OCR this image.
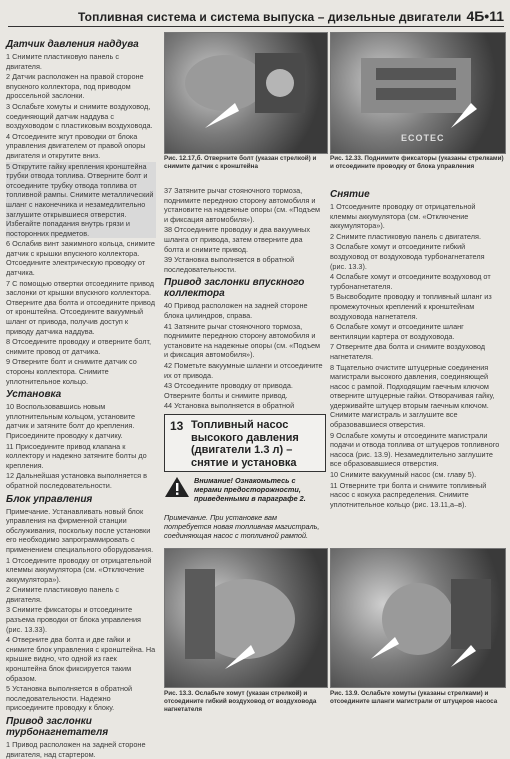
Топливная система и система выпуска – дизельные двигатели 4Б•11
Датчик давления наддува

1 Снимите пластиковую панель с двигателя.

2 Датчик расположен на правой стороне впускного коллектора, под приводом дроссельной заслонки.

3 Ослабьте хомуты и снимите воздуховод, соединяющий датчик наддува с воздуховодом с пластиковым воздуховода.

4 Отсоедините жгут проводки от блока управления двигателем от правой опоры двигателя и открутите вниз.

5 Открутите гайку крепления кронштейна трубки отвода топлива. Отверните болт и отсоедините трубку отвода топлива от топливной рампы. Снимите металлический шланг с наконечника и незамедлительно заглушите открывшиеся отверстия. Избегайте попадания внутрь грязи и посторонних предметов.

6 Ослабив винт зажимного кольца, снимите датчик с крышки впускного коллектора. Отсоедините электрическую проводку от датчика.

7 С помощью отвертки отсоедините привод заслонки от крышки впускного коллектора. Отверните два болта и отсоедините привод от кронштейна. Отсоедините вакуумный шланг от привода, получив доступ к приводу датчика наддува.

8 Отсоедините проводку и отверните болт, снимите провод от датчика.

9 Отверните болт и снимите датчик со стороны коллектора. Снимите уплотнительное кольцо.

Установка

10 Воспользовавшись новым уплотнительным кольцом, установите датчик и затяните болт до крепления. Присоедините проводку к датчику.

11 Присоедините привод клапана к коллектору и надежно затяните болты до крепления.

12 Дальнейшая установка выполняется в обратной последовательности.

Блок управления

Примечание. Устанавливать новый блок управления на фирменной станции обслуживания, поскольку после установки его необходимо запрограммировать с применением специального оборудования.

1 Отсоедините проводку от отрицательной клеммы аккумулятора (см. «Отключение аккумулятора»).

2 Снимите пластиковую панель с двигателя.

3 Снимите фиксаторы и отсоедините разъема проводки от блока управления (рис. 13.33).

4 Отверните два болта и две гайки и снимите блок управления с кронштейна. На крышке видно, что одной из гаек кронштейна блок фиксируется таким образом.

5 Установка выполняется в обратной последовательности. Надежно присоедините проводку к блоку.

Привод заслонки турбонагнетателя

1 Привод расположен на задней стороне двигателя, над стартером.

Рис. 12.17,б. Отверните болт (указан стрелкой) и снимите датчик с кронштейна
ECOTEC
Рис. 12.33. Поднимите фиксаторы (указаны стрелками) и отсоедините проводку от блока управления

37 Затяните рычаг стояночного тормоза, поднимите переднюю сторону автомобиля и установите на надежные опоры (см. «Подъем и фиксация автомобиля»).

38 Отсоедините проводку и два вакуумных шланга от привода, затем отверните два болта и снимите привод.

39 Установка выполняется в обратной последовательности.

Привод заслонки впускного коллектора

40 Привод расположен на задней стороне блока цилиндров, справа.

41 Затяните рычаг стояночного тормоза, поднимите переднюю сторону автомобиля и установите на надежные опоры (см. «Подъем и фиксация автомобиля»).

42 Пометьте вакуумные шланги и отсоедините их от привода.

43 Отсоедините проводку от привода. Отверните болты и снимите привод.

44 Установка выполняется в обратной

13 Топливный насос высокого давления (двигатели 1.3 л) – снятие и установка
Внимание! Ознакомьтесь с мерами предосторожности, приведенными в параграфе 2.
Примечание. При установке вам потребуется новая топливная магистраль, соединяющая насос с топливной рампой.
Снятие

1 Отсоедините проводку от отрицательной клеммы аккумулятора (см. «Отключение аккумулятора»).

2 Снимите пластиковую панель с двигателя.

3 Ослабьте хомут и отсоедините гибкий воздуховод от воздуховода турбонагнетателя (рис. 13.3).

4 Ослабьте хомут и отсоедините воздуховод от турбонагнетателя.

5 Высвободите проводку и топливный шланг из промежуточных креплений к кронштейнам воздуховода нагнетателя.

6 Ослабьте хомут и отсоедините шланг вентиляции картера от воздуховода.

7 Отверните два болта и снимите воздуховод нагнетателя.

8 Тщательно очистите штуцерные соединения магистрали высокого давления, соединяющей насос с рампой. Подходящим гаечным ключом отверните штуцерные гайки. Отворачивая гайку, удерживайте штуцер вторым гаечным ключом. Снимите магистраль и заглушите все образовавшиеся отверстия.

9 Ослабьте хомуты и отсоедините магистрали подачи и отвода топлива от штуцеров топливного насоса (рис. 13.9). Незамедлительно заглушите все образовавшиеся отверстия.

10 Снимите вакуумный насос (см. главу 5).

11 Отверните три болта и снимите топливный насос с кожуха распределения. Снимите уплотнительное кольцо (рис. 13.11,а–в).

Рис. 13.3. Ослабьте хомут (указан стрелкой) и отсоедините гибкий воздуховод от воздуховода нагнетателя
Рис. 13.9. Ослабьте хомуты (указаны стрелками) и отсоедините шланги магистрали от штуцеров насоса
